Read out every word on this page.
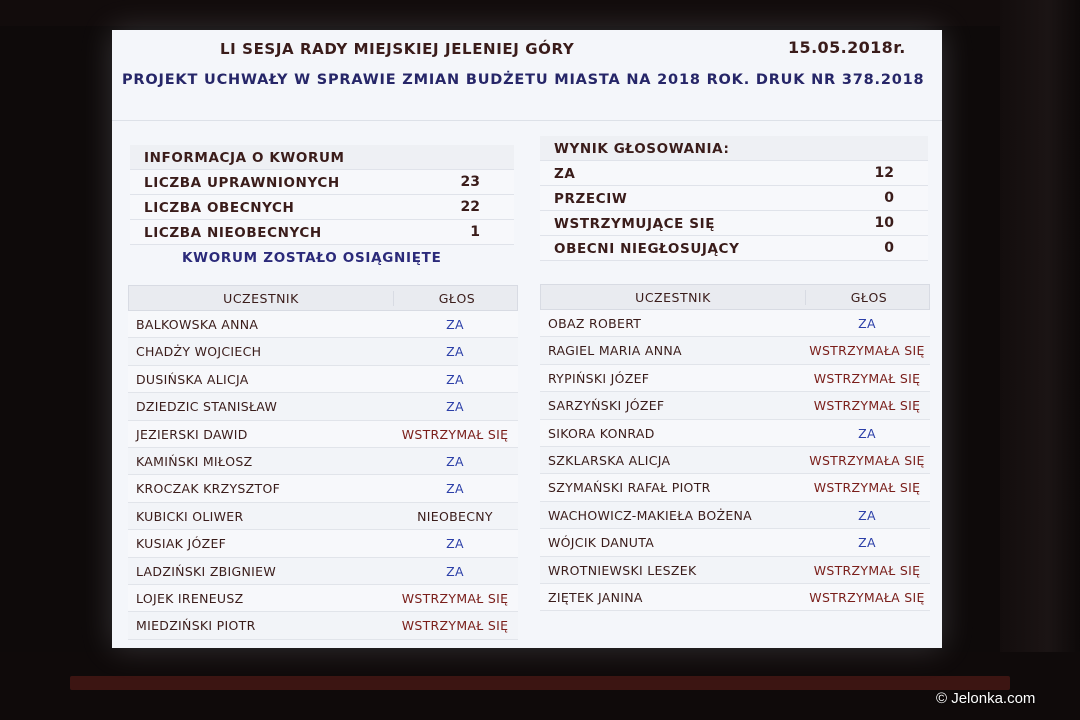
LI SESJA RADY MIEJSKIEJ JELENIEJ GÓRY	15.05.2018r.
PROJEKT UCHWAŁY W SPRAWIE ZMIAN BUDŻETU MIASTA NA 2018 ROK. DRUK NR 378.2018
INFORMACJA O KWORUM
LICZBA UPRAWNIONYCH	23
LICZBA OBECNYCH	22
LICZBA NIEOBECNYCH	1
KWORUM ZOSTAŁO OSIĄGNIĘTE
WYNIK GŁOSOWANIA:
ZA	12
PRZECIW	0
WSTRZYMUJĄCE SIĘ	10
OBECNI NIEGŁOSUJĄCY	0
UCZESTNIK	GŁOS
BALKOWSKA ANNA	ZA
CHADŻY WOJCIECH	ZA
DUSIŃSKA ALICJA	ZA
DZIEDZIC STANISŁAW	ZA
JEZIERSKI DAWID	WSTRZYMAŁ SIĘ
KAMIŃSKI MIŁOSZ	ZA
KROCZAK KRZYSZTOF	ZA
KUBICKI OLIWER	NIEOBECNY
KUSIAK JÓZEF	ZA
LADZIŃSKI ZBIGNIEW	ZA
LOJEK IRENEUSZ	WSTRZYMAŁ SIĘ
MIEDZIŃSKI PIOTR	WSTRZYMAŁ SIĘ
UCZESTNIK	GŁOS
OBAZ ROBERT	ZA
RAGIEL MARIA ANNA	WSTRZYMAŁA SIĘ
RYPIŃSKI JÓZEF	WSTRZYMAŁ SIĘ
SARZYŃSKI JÓZEF	WSTRZYMAŁ SIĘ
SIKORA KONRAD	ZA
SZKLARSKA ALICJA	WSTRZYMAŁA SIĘ
SZYMAŃSKI RAFAŁ PIOTR	WSTRZYMAŁ SIĘ
WACHOWICZ-MAKIEŁA BOŻENA	ZA
WÓJCIK DANUTA	ZA
WROTNIEWSKI LESZEK	WSTRZYMAŁ SIĘ
ZIĘTEK JANINA	WSTRZYMAŁA SIĘ
© Jelonka.com
